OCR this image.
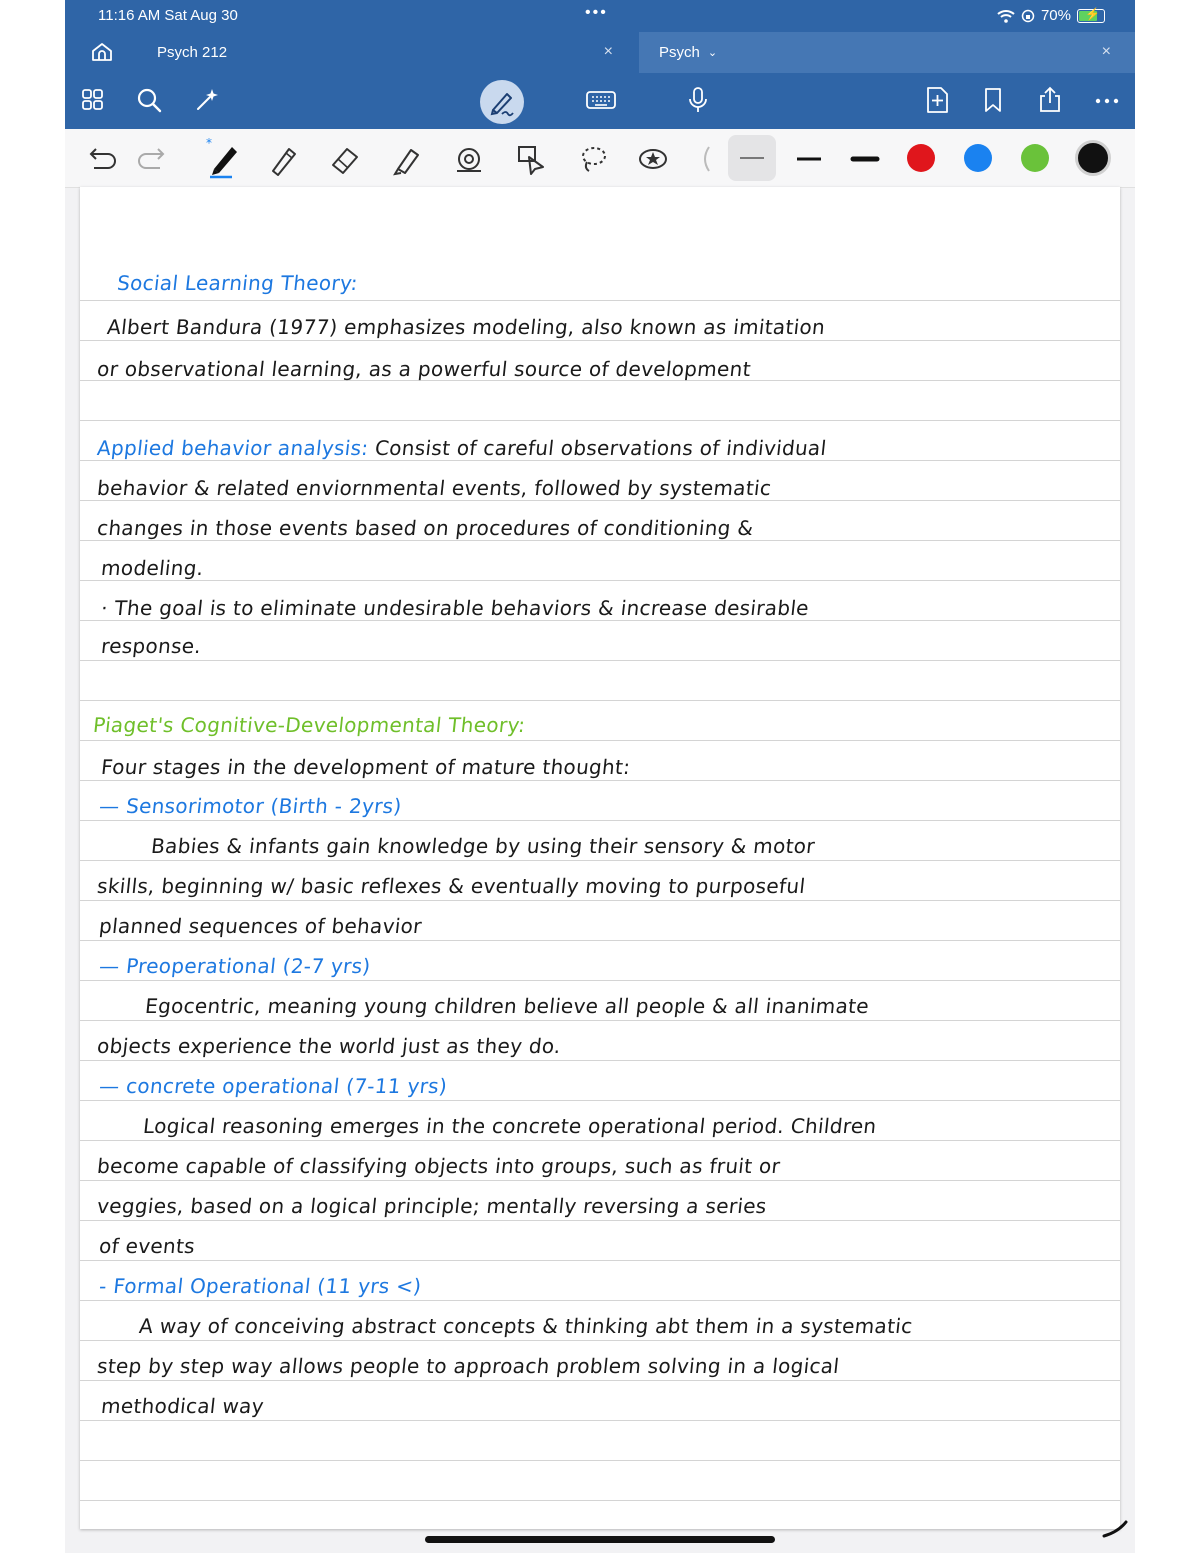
11:16 AM Sat Aug 30	•••	70% ⚡
Psych 212	×	Psych ⌄	×
*
Social Learning Theory:
Albert Bandura (1977) emphasizes modeling, also known as imitation
or observational learning, as a powerful source of development
Applied behavior analysis: Consist of careful observations of individual
behavior & related enviornmental events, followed by systematic
changes in those events based on procedures of conditioning &
modeling.
· The goal is to eliminate undesirable behaviors & increase desirable
response.
Piaget's Cognitive-Developmental Theory:
Four stages in the development of mature thought:
— Sensorimotor (Birth - 2yrs)
Babies & infants gain knowledge by using their sensory & motor
skills, beginning w/ basic reflexes & eventually moving to purposeful
planned sequences of behavior
— Preoperational (2-7 yrs)
Egocentric, meaning young children believe all people & all inanimate
objects experience the world just as they do.
— concrete operational (7-11 yrs)
Logical reasoning emerges in the concrete operational period. Children
become capable of classifying objects into groups, such as fruit or
veggies, based on a logical principle; mentally reversing a series
of events
- Formal Operational (11 yrs <)
A way of conceiving abstract concepts & thinking abt them in a systematic
step by step way allows people to approach problem solving in a logical
methodical way
